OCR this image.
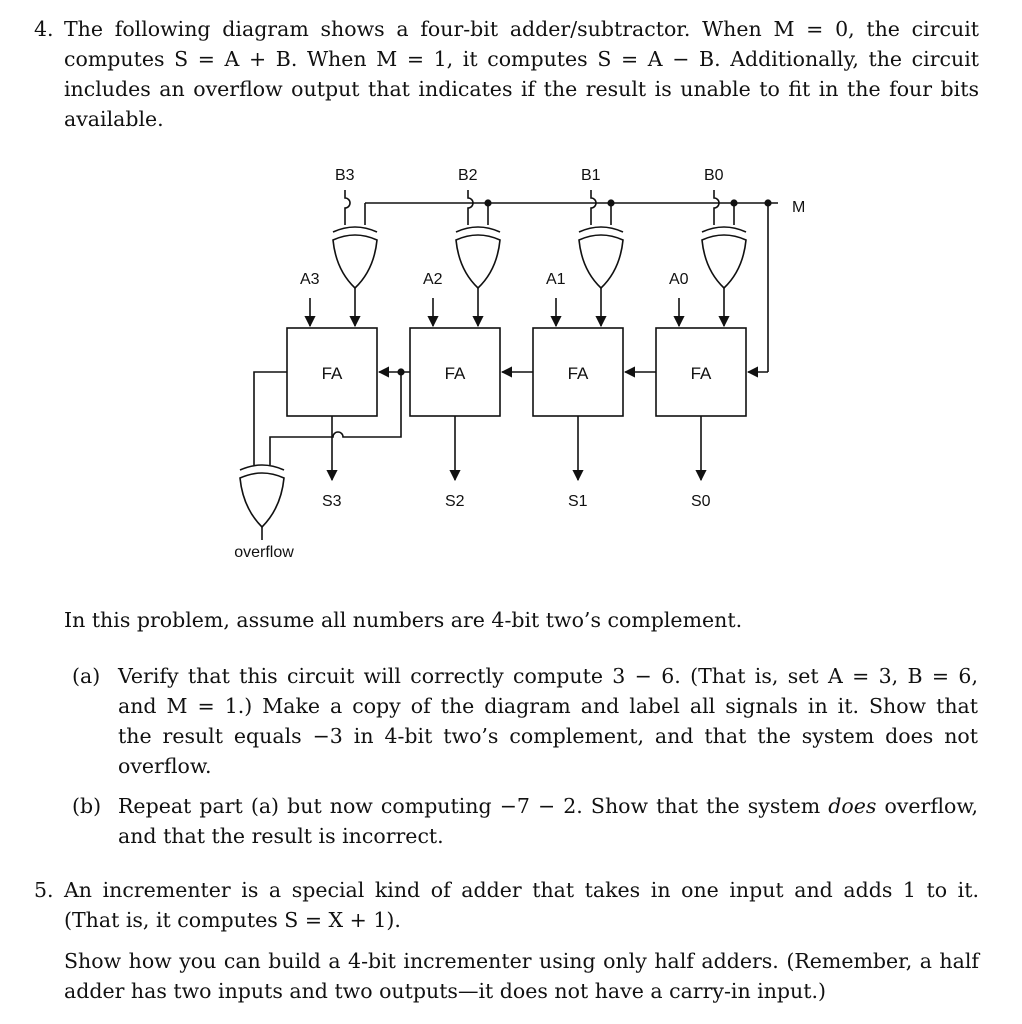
4. The following diagram shows a four-bit adder/subtractor. When M = 0, the circuit
computes S = A + B. When M = 1, it computes S = A − B. Additionally, the circuit
includes an overflow output that indicates if the result is unable to fit in the four bits
available.
M
B3	B2	B1	B0
A3	A2	A1	A0
FA	FA	FA	FA
S3	S2	S1	S0
overflow
In this problem, assume all numbers are 4-bit two’s complement.
(a) Verify that this circuit will correctly compute 3 − 6. (That is, set A = 3, B = 6,
and M = 1.) Make a copy of the diagram and label all signals in it. Show that
the result equals −3 in 4-bit two’s complement, and that the system does not
overflow.
(b) Repeat part (a) but now computing −7 − 2. Show that the system does overflow,
and that the result is incorrect.
5. An incrementer is a special kind of adder that takes in one input and adds 1 to it.
(That is, it computes S = X + 1).
Show how you can build a 4-bit incrementer using only half adders. (Remember, a half
adder has two inputs and two outputs—it does not have a carry-in input.)
